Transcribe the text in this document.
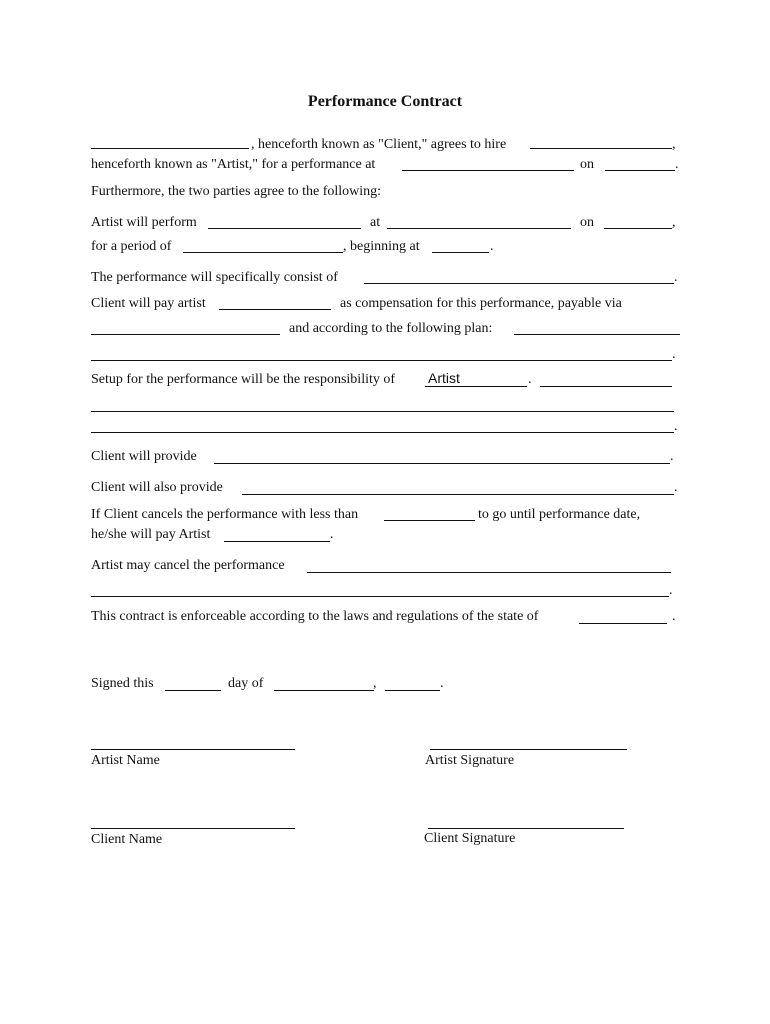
Performance Contract
, henceforth known as "Client," agrees to hire	,
henceforth known as "Artist," for a performance at	on	.
Furthermore, the two parties agree to the following:
Artist will perform	at	on	,
for a period of	, beginning at	.
The performance will specifically consist of	.
Client will pay artist	as compensation for this performance, payable via
and according to the following plan:
.
Setup for the performance will be the responsibility of Artist	.
.
Client will provide	.
Client will also provide	.
If Client cancels the performance with less than	to go until performance date,
he/she will pay Artist	.
Artist may cancel the performance
.
This contract is enforceable according to the laws and regulations of the state of	.
Signed this	day of	,	.
Artist Name	Artist Signature
Client Name	Client Signature
